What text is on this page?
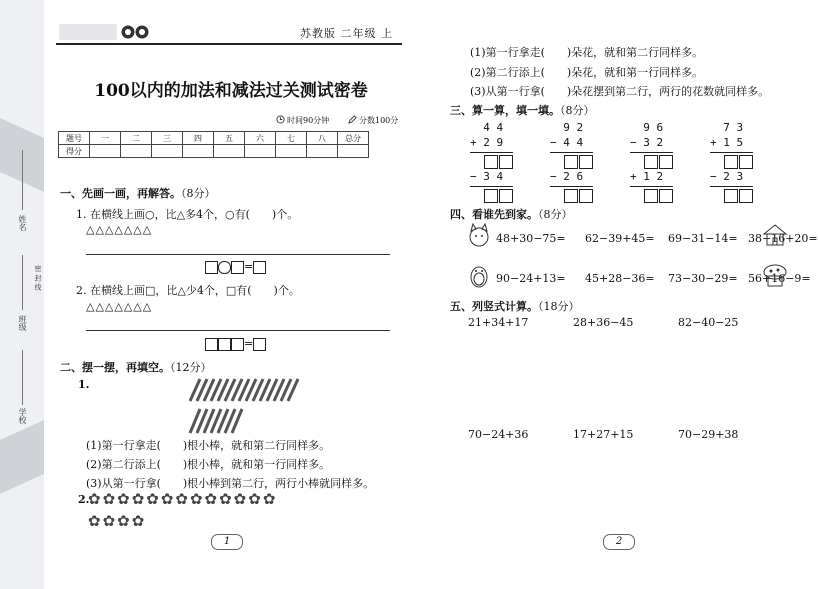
姓名
班级
密 封 线
学校
苏教版 二年级 上
100以内的加法和减法过关测试密卷
时间90分钟	分数100分
题号	一	二	三	四	五	六	七	八	总分
得分									
一、先画一画，再解答。（8分）
1. 在横线上画○，比△多4个，○有(　　)个。
△△△△△△△
=
2. 在横线上画□，比△少4个，□有(　　)个。
△△△△△△△
=
二、摆一摆，再填空。（12分）
1.
(1)第一行拿走(　　)根小棒，就和第二行同样多。
(2)第二行添上(　　)根小棒，就和第一行同样多。
(3)从第一行拿(　　)根小棒到第二行，两行小棒就同样多。
2.
✿✿✿✿✿✿✿✿✿✿✿✿✿
✿✿✿✿
1
(1)第一行拿走(　　)朵花，就和第二行同样多。
(2)第二行添上(　　)朵花，就和第一行同样多。
(3)从第一行拿(　　)朵花摆到第二行，两行的花数就同样多。
三、算一算，填一填。（8分）
4 4
+ 2 9

− 3 4

9 2
− 4 4

− 2 6

9 6
− 3 2

+ 1 2

7 3
+ 1 5

− 2 3

四、看谁先到家。（8分）
48+30−75= 62−39+45= 69−31−14= 38−16+20=
90−24+13= 45+28−36= 73−30−29= 56+16−9=
五、列竖式计算。（18分）
21+34+17	28+36−45	82−40−25
70−24+36	17+27+15	70−29+38
2
